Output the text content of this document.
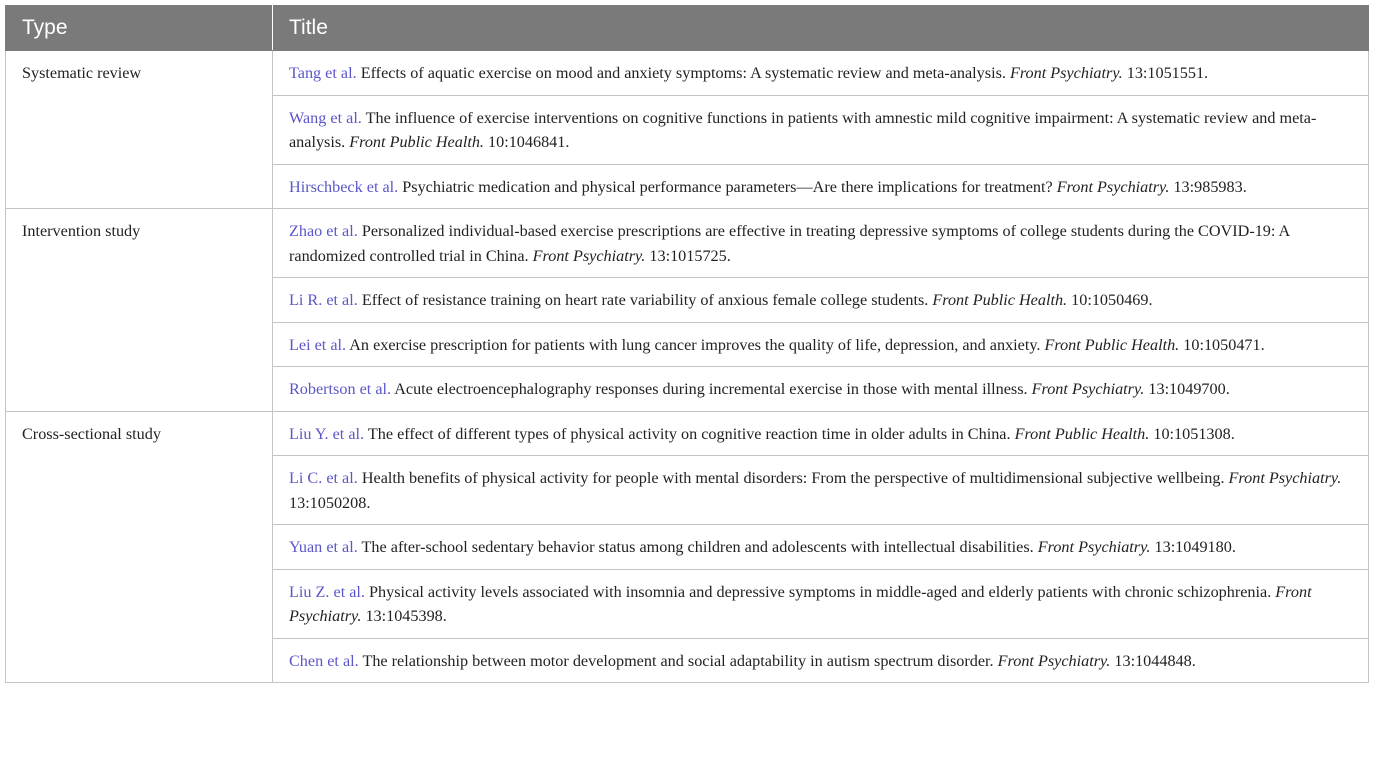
Type	Title
Systematic review	Tang et al. Effects of aquatic exercise on mood and anxiety symptoms: A systematic review and meta-analysis. Front Psychiatry. 13:1051551.
	Wang et al. The influence of exercise interventions on cognitive functions in patients with amnestic mild cognitive impairment: A systematic review and meta-analysis. Front Public Health. 10:1046841.
	Hirschbeck et al. Psychiatric medication and physical performance parameters—Are there implications for treatment? Front Psychiatry. 13:985983.
Intervention study	Zhao et al. Personalized individual-based exercise prescriptions are effective in treating depressive symptoms of college students during the COVID-19: A randomized controlled trial in China. Front Psychiatry. 13:1015725.
	Li R. et al. Effect of resistance training on heart rate variability of anxious female college students. Front Public Health. 10:1050469.
	Lei et al. An exercise prescription for patients with lung cancer improves the quality of life, depression, and anxiety. Front Public Health. 10:1050471.
	Robertson et al. Acute electroencephalography responses during incremental exercise in those with mental illness. Front Psychiatry. 13:1049700.
Cross-sectional study	Liu Y. et al. The effect of different types of physical activity on cognitive reaction time in older adults in China. Front Public Health. 10:1051308.
	Li C. et al. Health benefits of physical activity for people with mental disorders: From the perspective of multidimensional subjective wellbeing. Front Psychiatry. 13:1050208.
	Yuan et al. The after-school sedentary behavior status among children and adolescents with intellectual disabilities. Front Psychiatry. 13:1049180.
	Liu Z. et al. Physical activity levels associated with insomnia and depressive symptoms in middle-aged and elderly patients with chronic schizophrenia. Front Psychiatry. 13:1045398.
	Chen et al. The relationship between motor development and social adaptability in autism spectrum disorder. Front Psychiatry. 13:1044848.
